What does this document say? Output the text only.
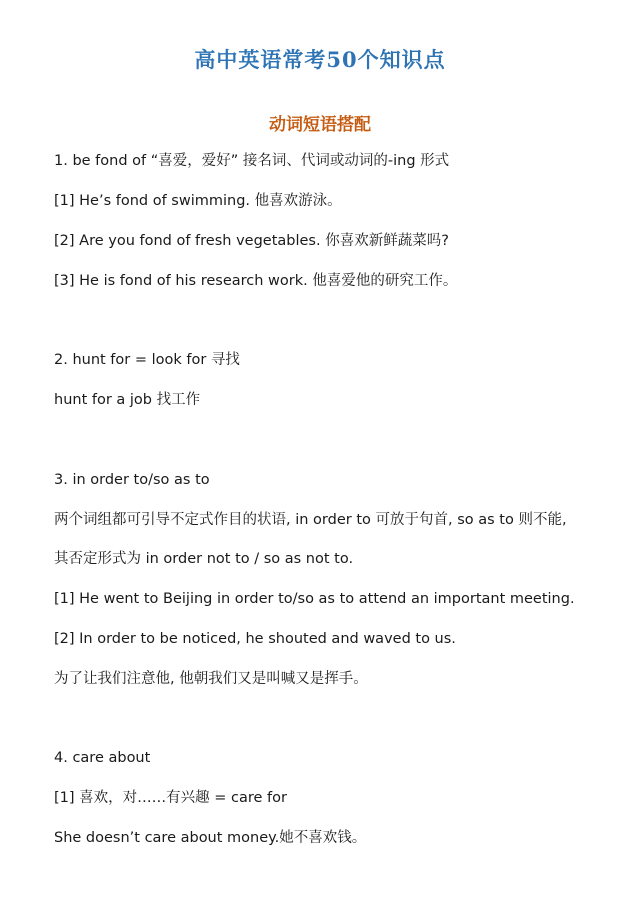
高中英语常考50个知识点
动词短语搭配
1. be fond of “喜爱，爱好” 接名词、代词或动词的-ing 形式
[1] He’s fond of swimming. 他喜欢游泳。
[2] Are you fond of fresh vegetables. 你喜欢新鲜蔬菜吗?
[3] He is fond of his research work. 他喜爱他的研究工作。
2. hunt for = look for 寻找
hunt for a job 找工作
3. in order to/so as to
两个词组都可引导不定式作目的状语, in order to 可放于句首, so as to 则不能,
其否定形式为 in order not to / so as not to.
[1] He went to Beijing in order to/so as to attend an important meeting.
[2] In order to be noticed, he shouted and waved to us.
为了让我们注意他, 他朝我们又是叫喊又是挥手。
4. care about
[1] 喜欢，对……有兴趣 = care for
She doesn’t care about money.她不喜欢钱。
